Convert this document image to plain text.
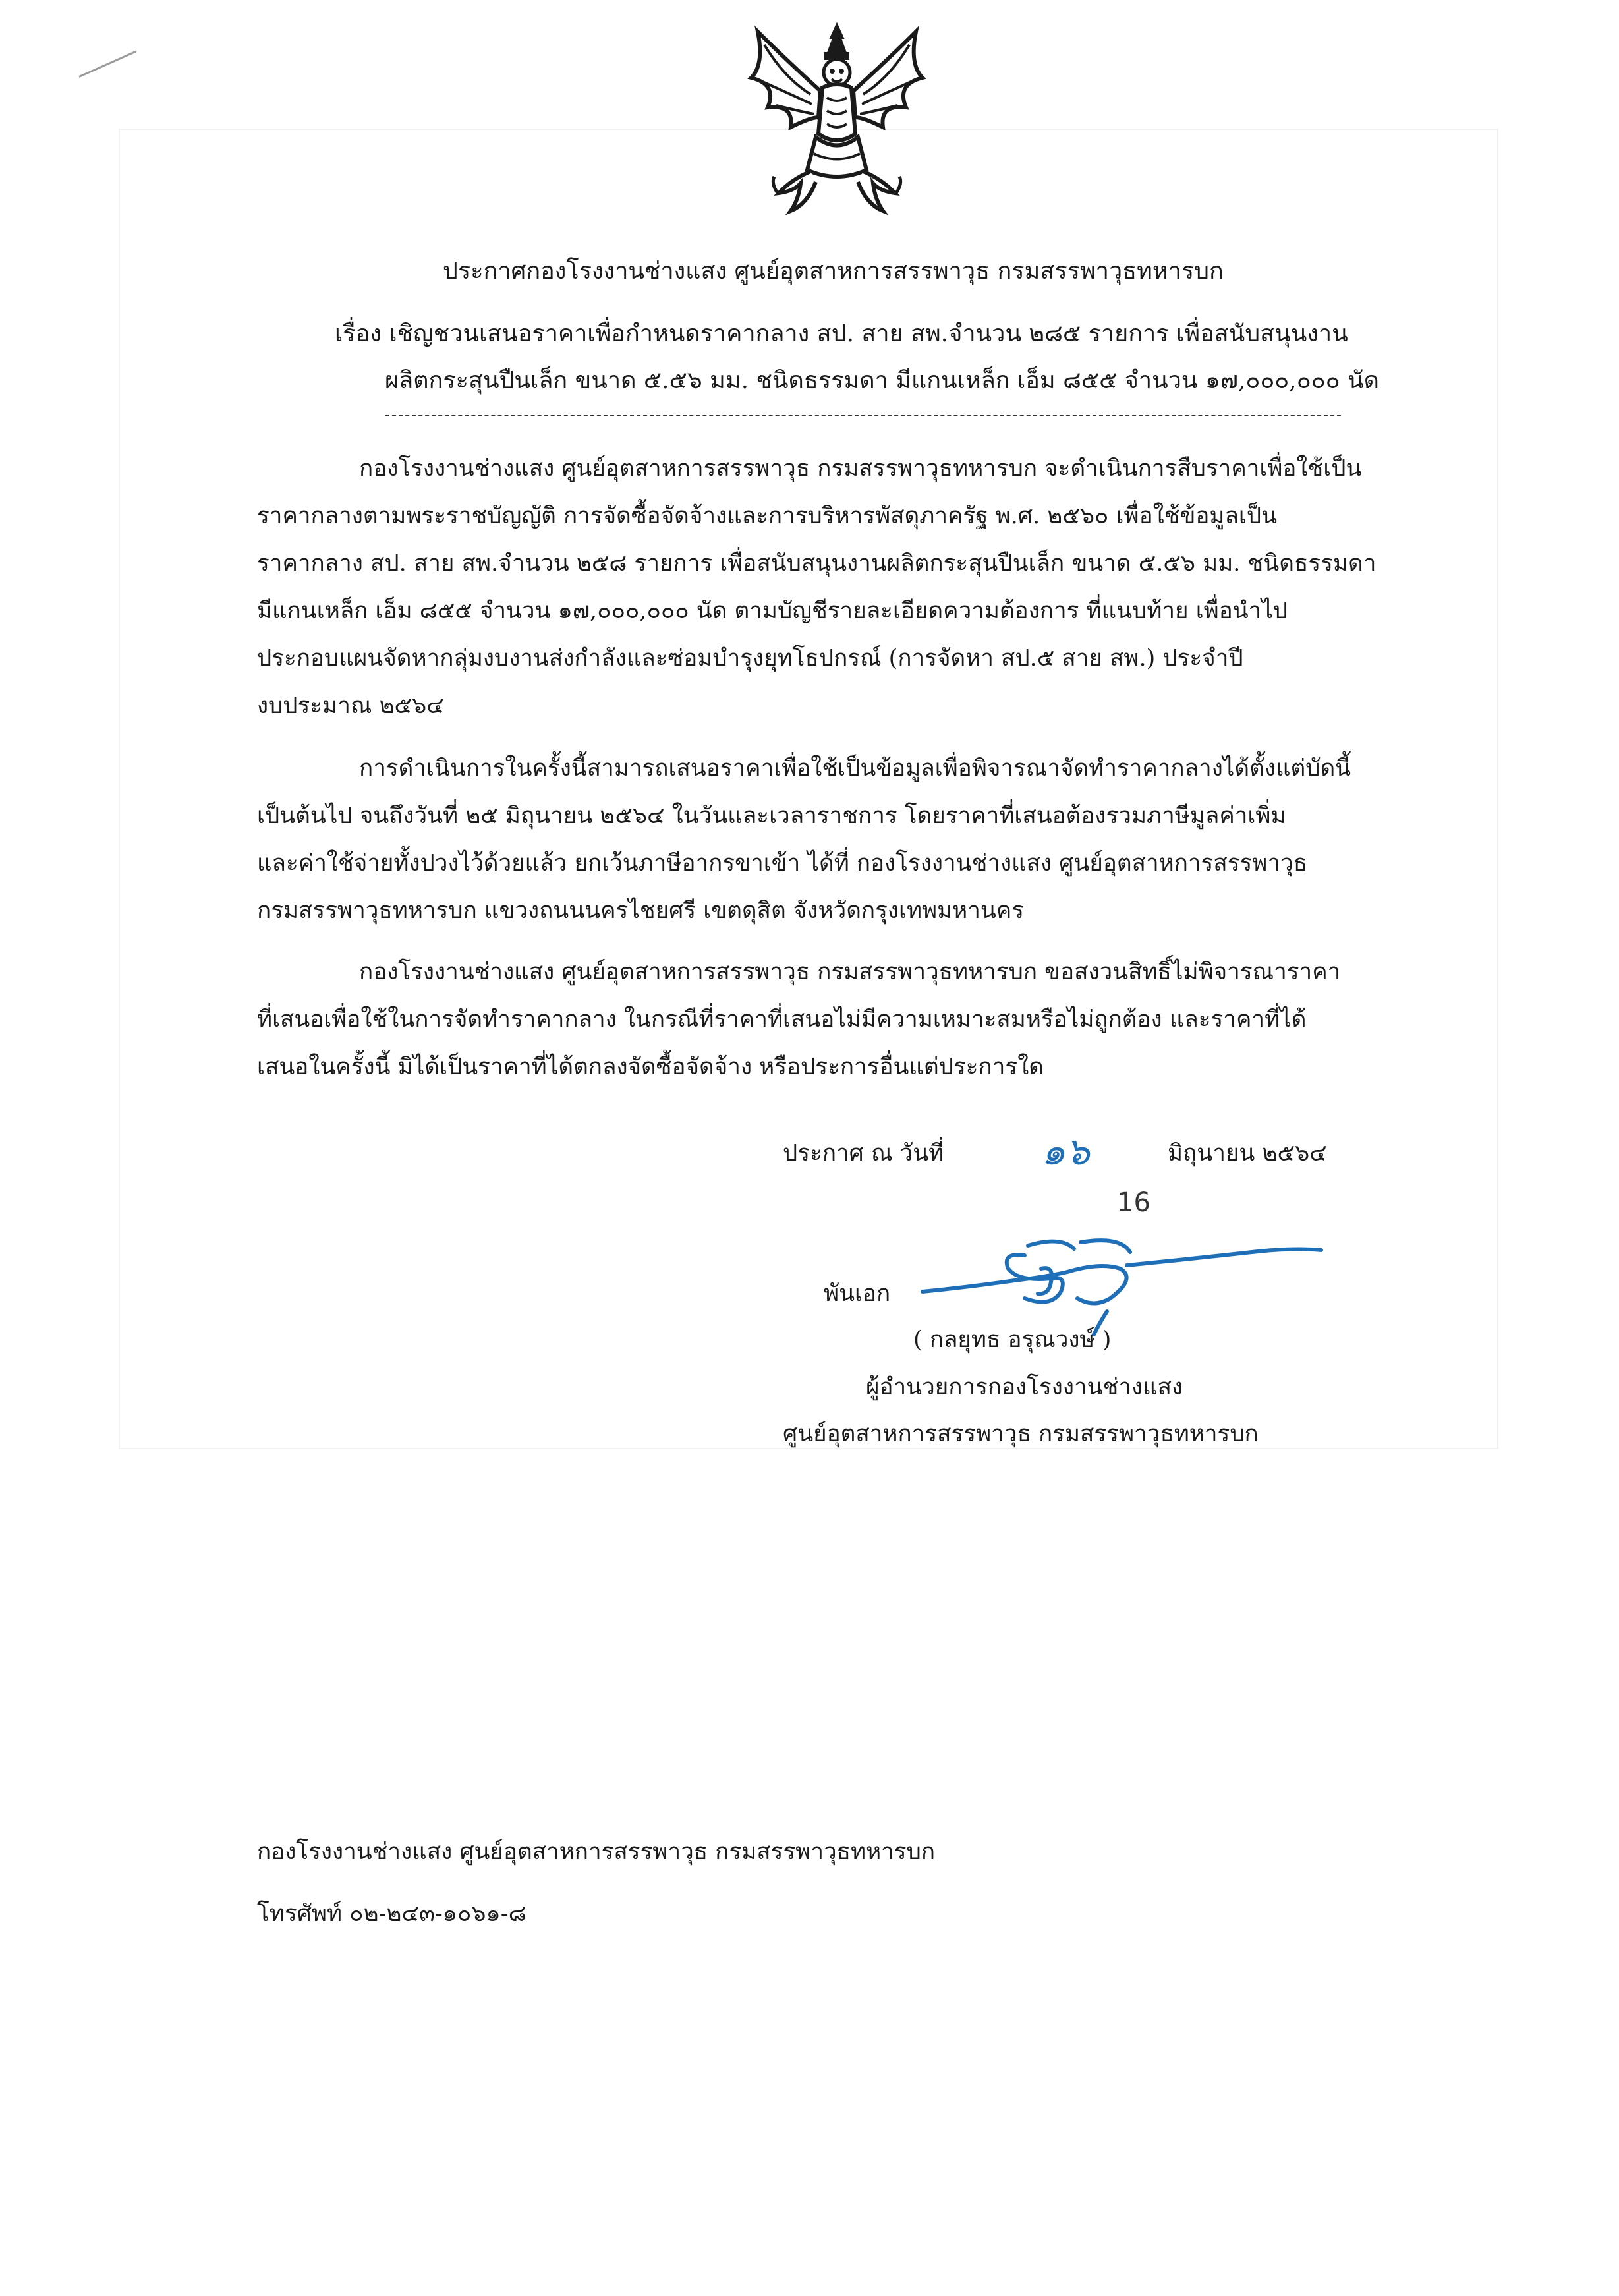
ประกาศกองโรงงานช่างแสง ศูนย์อุตสาหการสรรพาวุธ กรมสรรพาวุธทหารบก
เรื่อง เชิญชวนเสนอราคาเพื่อกำหนดราคากลาง สป. สาย สพ.จำนวน ๒๘๕ รายการ เพื่อสนับสนุนงาน
ผลิตกระสุนปืนเล็ก ขนาด ๕.๕๖ มม. ชนิดธรรมดา มีแกนเหล็ก เอ็ม ๘๕๕ จำนวน ๑๗,๐๐๐,๐๐๐ นัด
กองโรงงานช่างแสง ศูนย์อุตสาหการสรรพาวุธ กรมสรรพาวุธทหารบก จะดำเนินการสืบราคาเพื่อใช้เป็น
ราคากลางตามพระราชบัญญัติ การจัดซื้อจัดจ้างและการบริหารพัสดุภาครัฐ พ.ศ. ๒๕๖๐ เพื่อใช้ข้อมูลเป็น
ราคากลาง สป. สาย สพ.จำนวน ๒๕๘ รายการ เพื่อสนับสนุนงานผลิตกระสุนปืนเล็ก ขนาด ๕.๕๖ มม. ชนิดธรรมดา
มีแกนเหล็ก เอ็ม ๘๕๕ จำนวน ๑๗,๐๐๐,๐๐๐ นัด ตามบัญชีรายละเอียดความต้องการ ที่แนบท้าย เพื่อนำไป
ประกอบแผนจัดหากลุ่มงบงานส่งกำลังและซ่อมบำรุงยุทโธปกรณ์ (การจัดหา สป.๕ สาย สพ.) ประจำปี
งบประมาณ ๒๕๖๔
การดำเนินการในครั้งนี้สามารถเสนอราคาเพื่อใช้เป็นข้อมูลเพื่อพิจารณาจัดทำราคากลางได้ตั้งแต่บัดนี้
เป็นต้นไป จนถึงวันที่ ๒๕ มิถุนายน ๒๕๖๔ ในวันและเวลาราชการ โดยราคาที่เสนอต้องรวมภาษีมูลค่าเพิ่ม
และค่าใช้จ่ายทั้งปวงไว้ด้วยแล้ว ยกเว้นภาษีอากรขาเข้า ได้ที่ กองโรงงานช่างแสง ศูนย์อุตสาหการสรรพาวุธ
กรมสรรพาวุธทหารบก แขวงถนนนครไชยศรี เขตดุสิต จังหวัดกรุงเทพมหานคร
กองโรงงานช่างแสง ศูนย์อุตสาหการสรรพาวุธ กรมสรรพาวุธทหารบก ขอสงวนสิทธิ์ไม่พิจารณาราคา
ที่เสนอเพื่อใช้ในการจัดทำราคากลาง ในกรณีที่ราคาที่เสนอไม่มีความเหมาะสมหรือไม่ถูกต้อง และราคาที่ได้
เสนอในครั้งนี้ มิได้เป็นราคาที่ได้ตกลงจัดซื้อจัดจ้าง หรือประการอื่นแต่ประการใด
ประกาศ ณ วันที่	๑๖	มิถุนายน ๒๕๖๔
16
พันเอก
( กลยุทธ อรุณวงษ์ )
ผู้อำนวยการกองโรงงานช่างแสง
ศูนย์อุตสาหการสรรพาวุธ กรมสรรพาวุธทหารบก
กองโรงงานช่างแสง ศูนย์อุตสาหการสรรพาวุธ กรมสรรพาวุธทหารบก
โทรศัพท์ ๐๒-๒๔๓-๑๐๖๑-๘
